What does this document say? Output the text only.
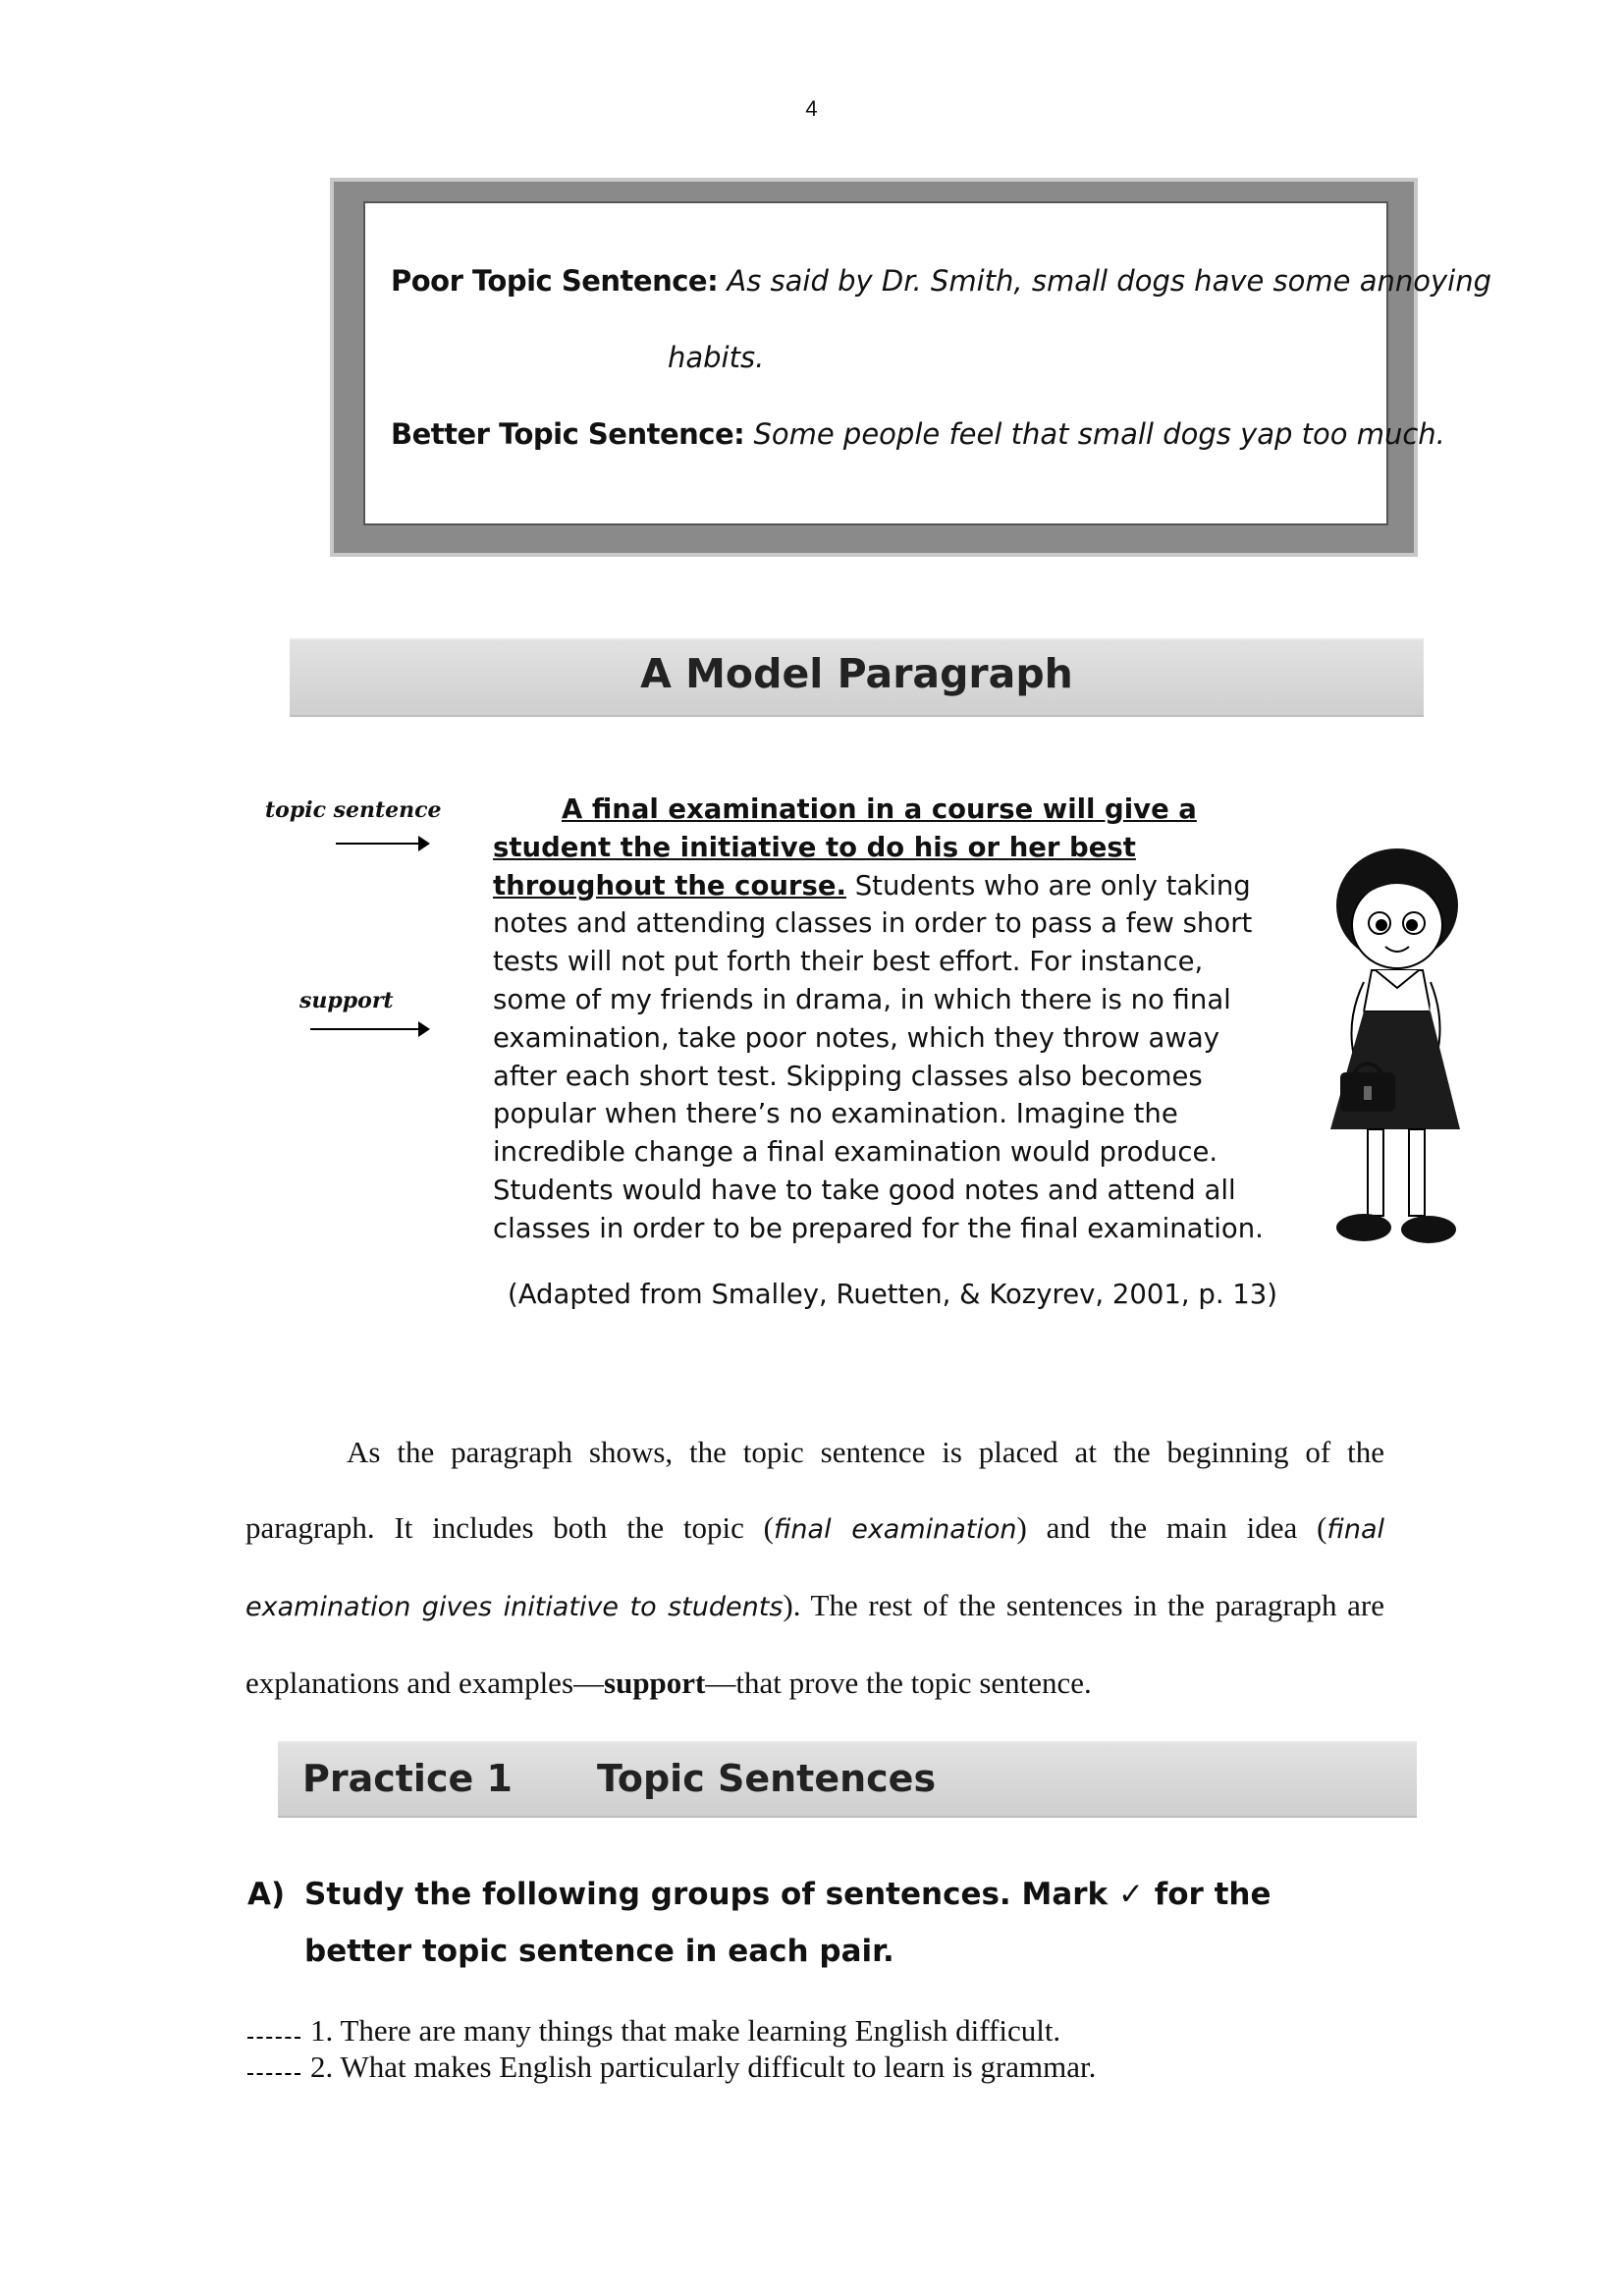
4
Poor Topic Sentence: As said by Dr. Smith, small dogs have some annoying
habits.
Better Topic Sentence: Some people feel that small dogs yap too much.
A Model Paragraph
topic sentence
support
A final examination in a course will give a student the initiative to do his or her best throughout the course. Students who are only taking notes and attending classes in order to pass a few short tests will not put forth their best effort. For instance, some of my friends in drama, in which there is no final examination, take poor notes, which they throw away after each short test. Skipping classes also becomes popular when there’s no examination. Imagine the incredible change a final examination would produce. Students would have to take good notes and attend all classes in order to be prepared for the final examination.
(Adapted from Smalley, Ruetten, & Kozyrev, 2001, p. 13)
As the paragraph shows, the topic sentence is placed at the beginning of the paragraph. It includes both the topic (final examination) and the main idea (final examination gives initiative to students). The rest of the sentences in the paragraph are explanations and examples—support—that prove the topic sentence.
Practice 1 Topic Sentences
A) Study the following groups of sentences. Mark ✓ for the better topic sentence in each pair.
1. There are many things that make learning English difficult.
2. What makes English particularly difficult to learn is grammar.
